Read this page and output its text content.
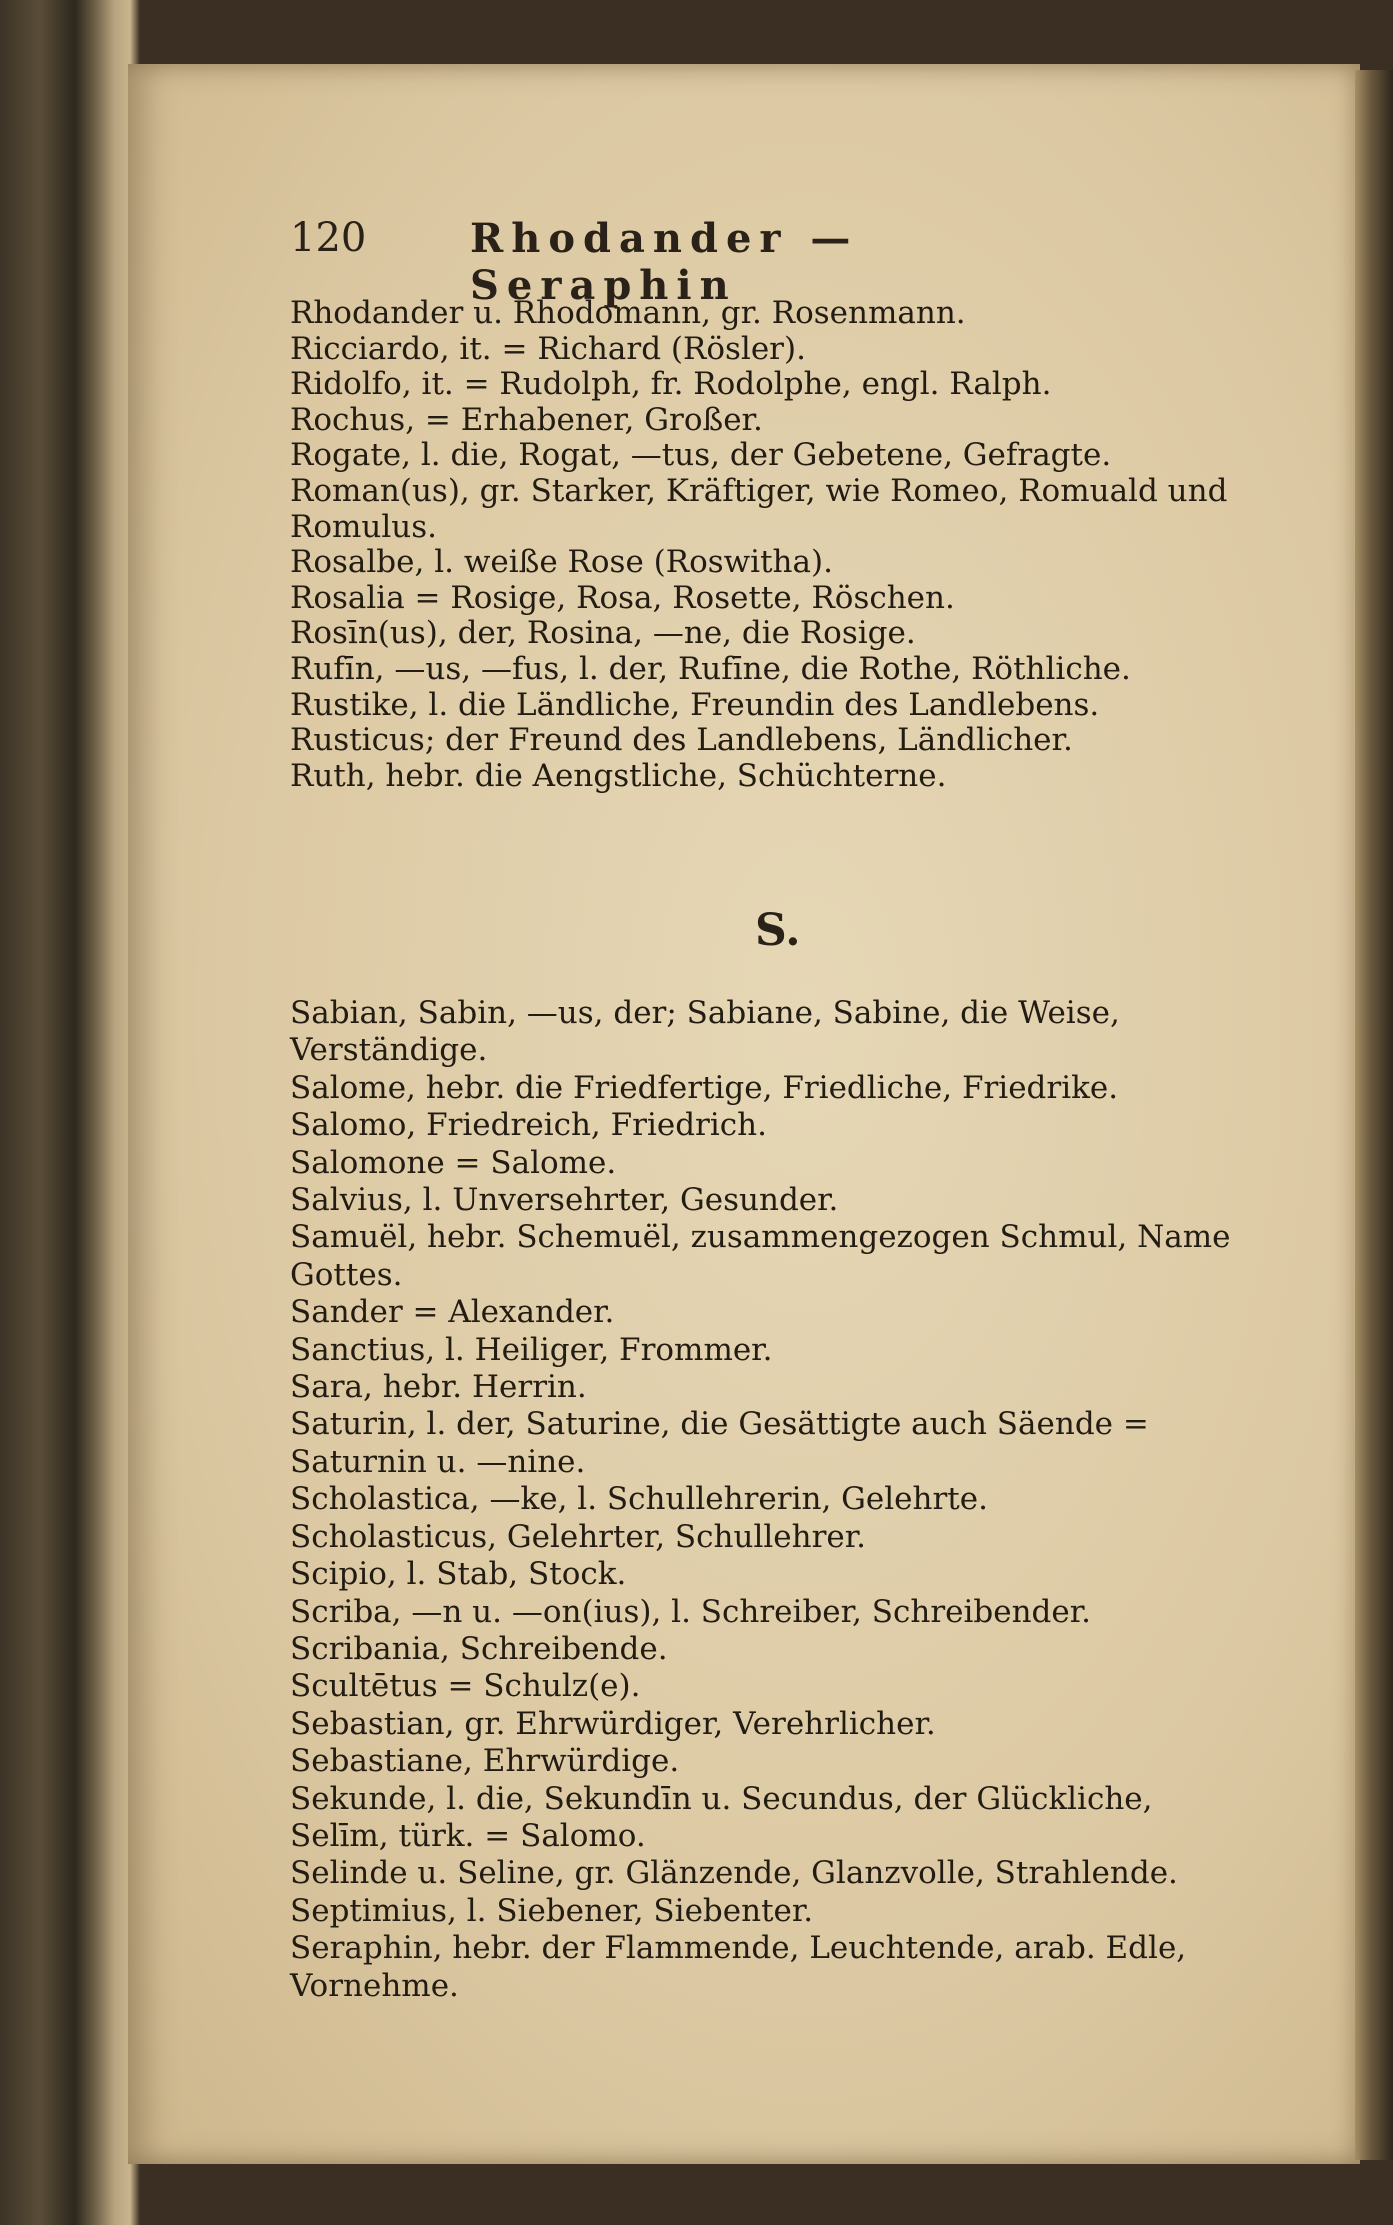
120	Rhodander — Seraphin

Rhodander u. Rhodomann, gr. Rosenmann.

Ricciardo, it. = Richard (Rösler).

Ridolfo, it. = Rudolph, fr. Rodolphe, engl. Ralph.

Rochus, = Erhabener, Großer.

Rogate, l. die, Rogat, —tus, der Gebetene, Gefragte.

Roman(us), gr. Starker, Kräftiger, wie Romeo, Romuald und Romulus.

Rosalbe, l. weiße Rose (Roswitha).

Rosalia = Rosige, Rosa, Rosette, Röschen.

Rosīn(us), der, Rosina, —ne, die Rosige.

Rufīn, —us, —fus, l. der, Rufīne, die Rothe, Röthliche.

Rustike, l. die Ländliche, Freundin des Landlebens.

Rusticus; der Freund des Landlebens, Ländlicher.

Ruth, hebr. die Aengstliche, Schüchterne.

S.

Sabian, Sabin, —us, der; Sabiane, Sabine, die Weise, Verständige.

Salome, hebr. die Friedfertige, Friedliche, Friedrike.

Salomo, Friedreich, Friedrich.

Salomone = Salome.

Salvius, l. Unversehrter, Gesunder.

Samuël, hebr. Schemuël, zusammengezogen Schmul, Name Gottes.

Sander = Alexander.

Sanctius, l. Heiliger, Frommer.

Sara, hebr. Herrin.

Saturin, l. der, Saturine, die Gesättigte auch Säende = Saturnin u. —nine.

Scholastica, —ke, l. Schullehrerin, Gelehrte.

Scholasticus, Gelehrter, Schullehrer.

Scipio, l. Stab, Stock.

Scriba, —n u. —on(ius), l. Schreiber, Schreibender.

Scribania, Schreibende.

Scultētus = Schulz(e).

Sebastian, gr. Ehrwürdiger, Verehrlicher.

Sebastiane, Ehrwürdige.

Sekunde, l. die, Sekundīn u. Secundus, der Glückliche,

Selīm, türk. = Salomo.

Selinde u. Seline, gr. Glänzende, Glanzvolle, Strahlende.

Septimius, l. Siebener, Siebenter.

Seraphin, hebr. der Flammende, Leuchtende, arab. Edle, Vornehme.
